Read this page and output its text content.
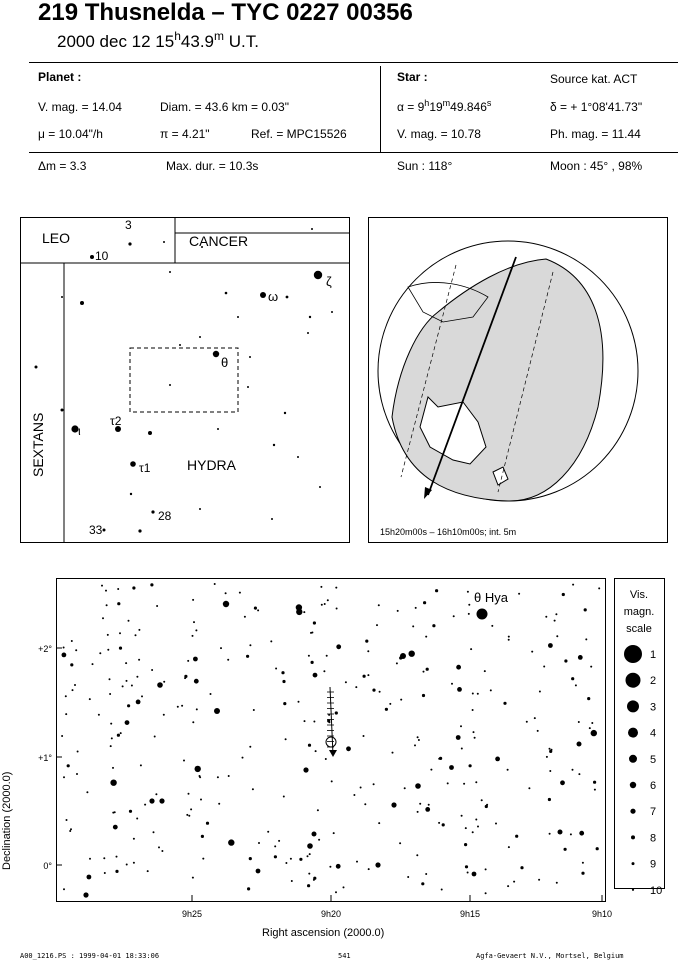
219 Thusnelda – TYC 0227 00356
2000 dec 12 15$^h$43.9$^m$ U.T.
Planet :
V. mag. = 14.04	Diam. = 43.6 km = 0.03"
μ = 10.04"/h	π = 4.21"	Ref. = MPC15526
Star :	Source kat. ACT
$\alpha = 9^h19^m49.846^s$	δ = + 1°08'41.73"
V. mag. = 10.78	Ph. mag. = 11.44
Δm = 3.3	Max. dur. = 10.3s	Sun : 118°	Moon : 45° , 98%
LEO	CANCER
HYDRA
SEXTANS
3
10
28
33
ζ
ω
θ
τ2
τ1
ι
15h20m00s – 16h10m00s; int. 5m
θ Hya
+2°
+1°
0°
9h25	9h20	9h15	9h10
Right ascension (2000.0)
Declination (2000.0)
Vis.
magn.
scale
1
2
3
4
5
6
7
8
9
10
A00_1216.PS : 1999-04-01 18:33:06	541	Agfa-Gevaert N.V., Mortsel, Belgium
